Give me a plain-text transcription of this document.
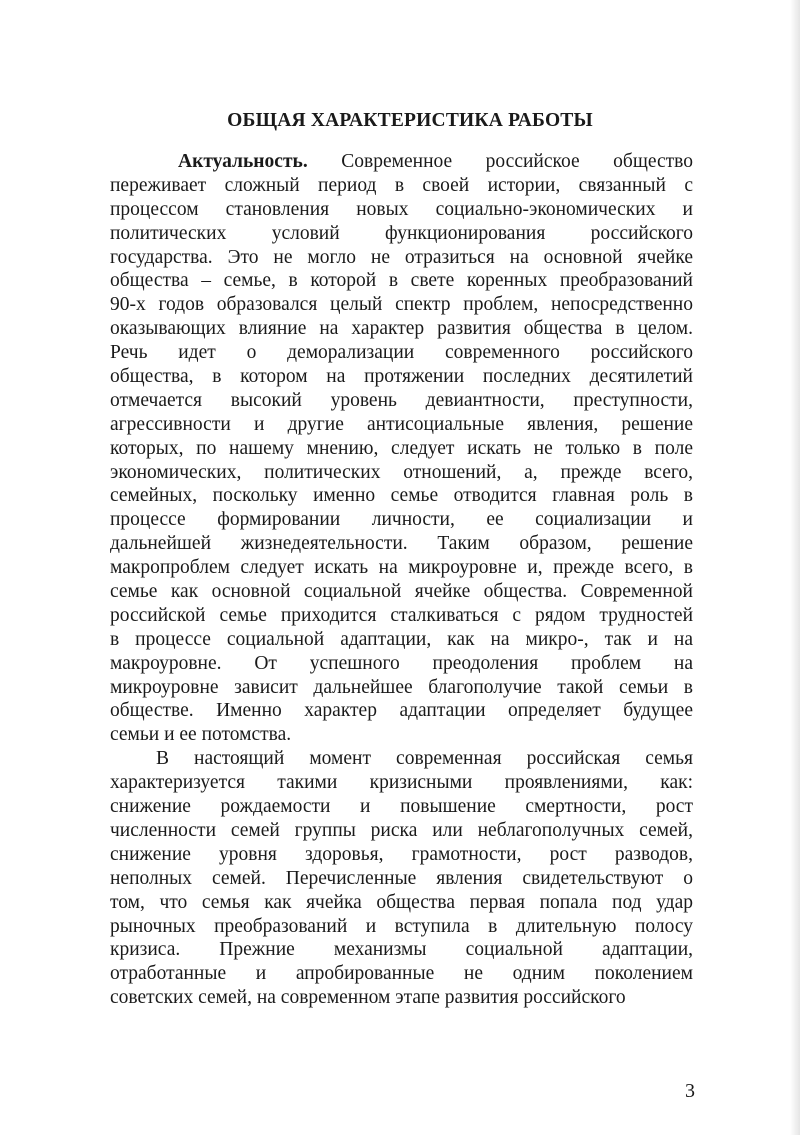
ОБЩАЯ ХАРАКТЕРИСТИКА РАБОТЫ
Актуальность. Современное российское общество
переживает сложный период в своей истории, связанный с
процессом становления новых социально-экономических и
политических условий функционирования российского
государства. Это не могло не отразиться на основной ячейке
общества – семье, в которой в свете коренных преобразований
90-х годов образовался целый спектр проблем, непосредственно
оказывающих влияние на характер развития общества в целом.
Речь идет о деморализации современного российского
общества, в котором на протяжении последних десятилетий
отмечается высокий уровень девиантности, преступности,
агрессивности и другие антисоциальные явления, решение
которых, по нашему мнению, следует искать не только в поле
экономических, политических отношений, а, прежде всего,
семейных, поскольку именно семье отводится главная роль в
процессе формировании личности, ее социализации и
дальнейшей жизнедеятельности. Таким образом, решение
макропроблем следует искать на микроуровне и, прежде всего, в
семье как основной социальной ячейке общества. Современной
российской семье приходится сталкиваться с рядом трудностей
в процессе социальной адаптации, как на микро-, так и на
макроуровне. От успешного преодоления проблем на
микроуровне зависит дальнейшее благополучие такой семьи в
обществе. Именно характер адаптации определяет будущее
семьи и ее потомства.
В настоящий момент современная российская семья
характеризуется такими кризисными проявлениями, как:
снижение рождаемости и повышение смертности, рост
численности семей группы риска или неблагополучных семей,
снижение уровня здоровья, грамотности, рост разводов,
неполных семей. Перечисленные явления свидетельствуют о
том, что семья как ячейка общества первая попала под удар
рыночных преобразований и вступила в длительную полосу
кризиса. Прежние механизмы социальной адаптации,
отработанные и апробированные не одним поколением
советских семей, на современном этапе развития российского
3
